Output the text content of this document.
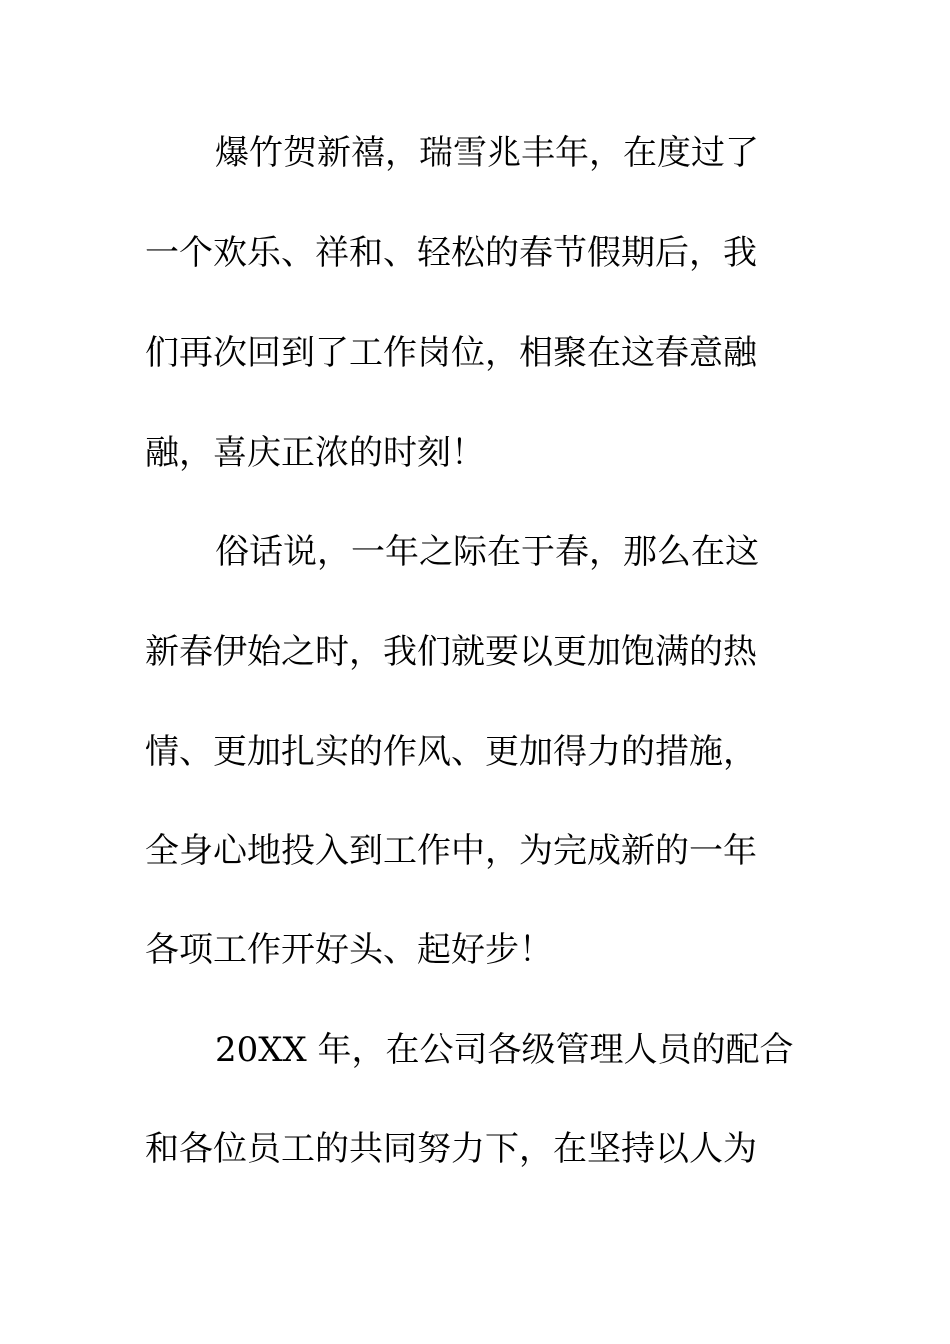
爆竹贺新禧，瑞雪兆丰年，在度过了
一个欢乐、祥和、轻松的春节假期后，我
们再次回到了工作岗位，相聚在这春意融
融，喜庆正浓的时刻！
俗话说，一年之际在于春，那么在这
新春伊始之时，我们就要以更加饱满的热
情、更加扎实的作风、更加得力的措施，
全身心地投入到工作中，为完成新的一年
各项工作开好头、起好步！
20XX 年，在公司各级管理人员的配合
和各位员工的共同努力下，在坚持以人为
